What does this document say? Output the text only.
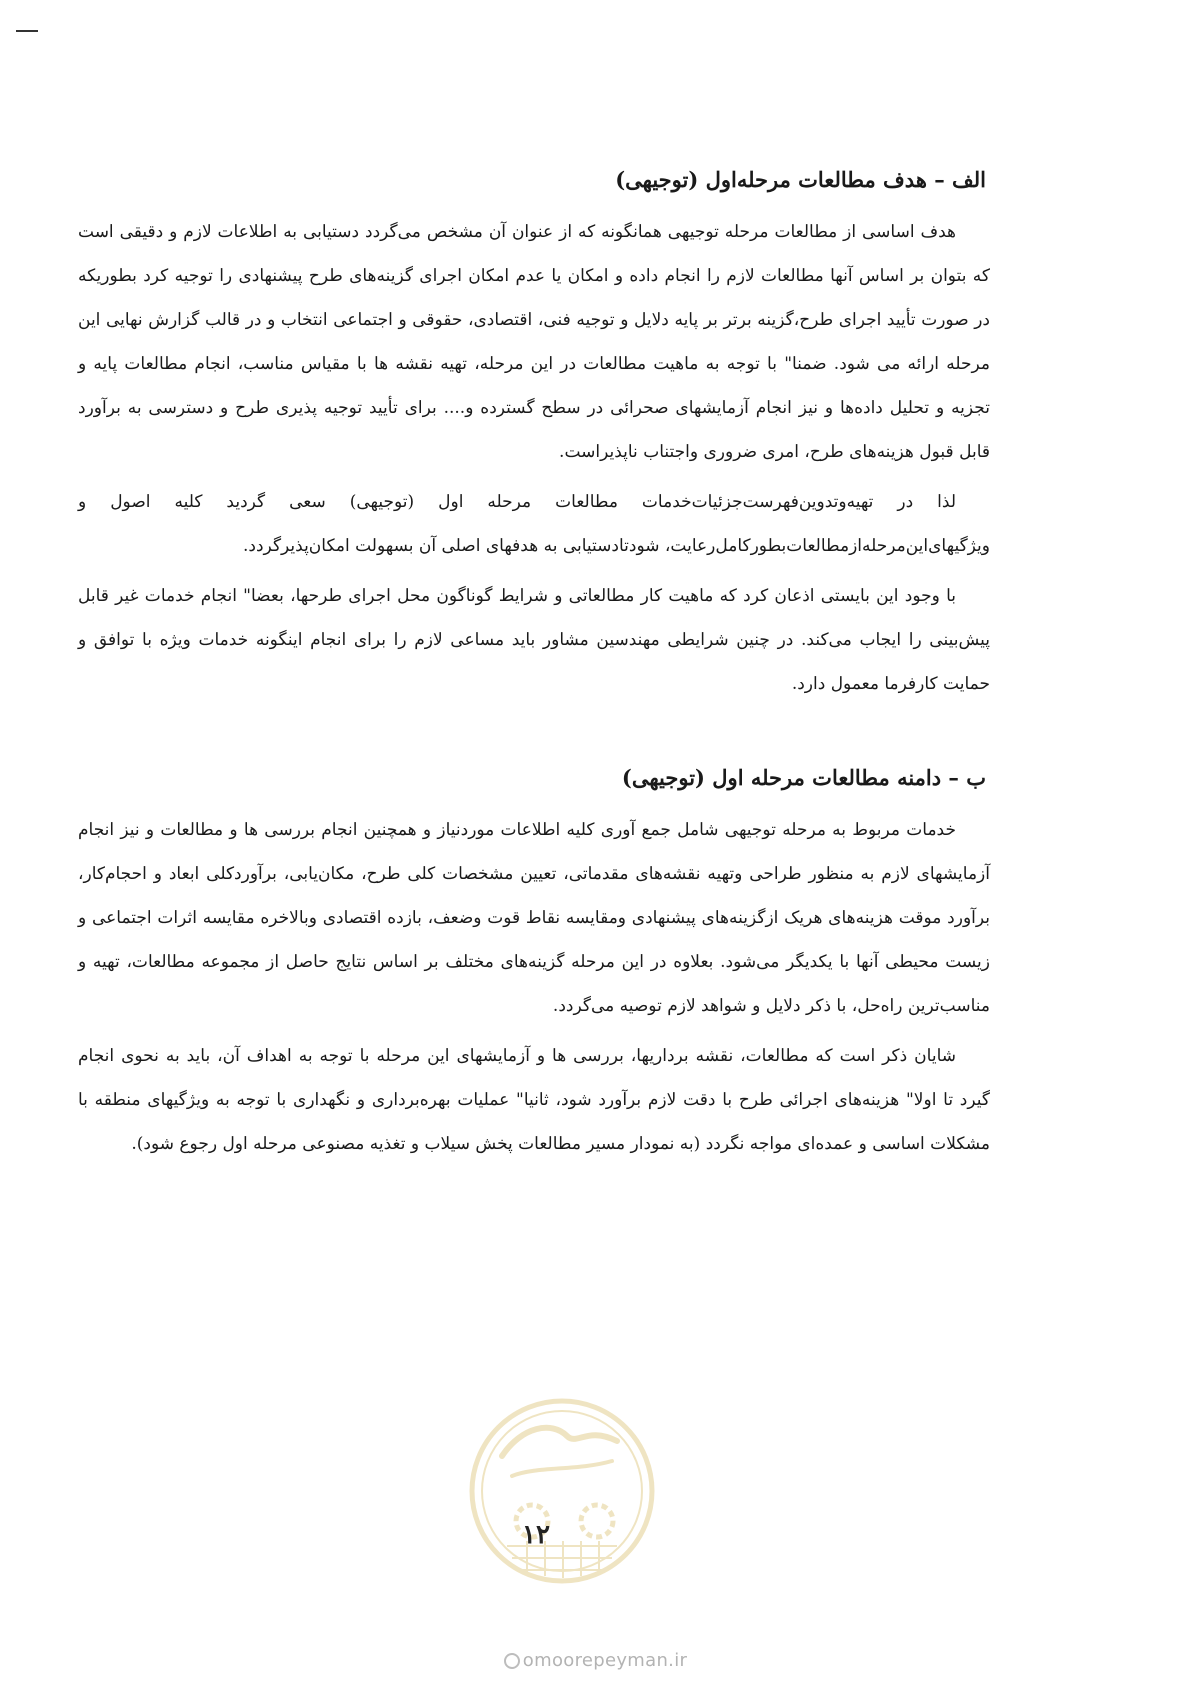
الف – هدف مطالعات مرحله‌اول (توجیهی)

هدف اساسی از مطالعات مرحله توجیهی همانگونه که از عنوان آن مشخص می‌گردد دستیابی به اطلاعات لازم و دقیقی است که بتوان بر اساس آنها مطالعات لازم را انجام داده و امکان یا عدم امکان اجرای گزینه‌های طرح پیشنهادی را توجیه کرد بطوریکه در صورت تأیید اجرای طرح،گزینه برتر بر پایه دلایل و توجیه فنی، اقتصادی، حقوقی و اجتماعی انتخاب و در قالب گزارش نهایی این مرحله ارائه می شود. ضمنا" با توجه به ماهیت مطالعات در این مرحله، تهیه نقشه ها با مقیاس مناسب، انجام مطالعات پایه و تجزیه و تحلیل داده‌ها و نیز انجام آزمایشهای صحرائی در سطح گسترده و.... برای تأیید توجیه پذیری طرح و دسترسی به برآورد قابل قبول هزینه‌های طرح، امری ضروری واجتناب ناپذیراست.

لذا در تهیه‌وتدوین‌فهرست‌جزئیات‌خدمات مطالعات مرحله اول (توجیهی) سعی گردید کلیه اصول و ویژگیهای‌این‌مرحله‌ازمطالعات‌بطورکامل‌رعایت، شودتادستیابی به هدفهای اصلی آن بسهولت امکان‌پذیرگردد.

با وجود این بایستی اذعان کرد که ماهیت کار مطالعاتی و شرایط گوناگون محل اجرای طرحها، بعضا" انجام خدمات غیر قابل پیش‌بینی را ایجاب می‌کند. در چنین شرایطی مهندسین مشاور باید مساعی لازم را برای انجام اینگونه خدمات ویژه با توافق و حمایت کارفرما معمول دارد.

ب – دامنه مطالعات مرحله اول (توجیهی)

خدمات مربوط به مرحله توجیهی شامل جمع آوری کلیه اطلاعات موردنیاز و همچنین انجام بررسی ها و مطالعات و نیز انجام آزمایشهای لازم به منظور طراحی وتهیه نقشه‌های مقدماتی، تعیین مشخصات کلی طرح، مکان‌یابی، برآوردکلی ابعاد و احجام‌کار، برآورد موقت هزینه‌های هریک ازگزینه‌های پیشنهادی ومقایسه نقاط قوت وضعف، بازده اقتصادی وبالاخره مقایسه اثرات اجتماعی و زیست محیطی آنها با یکدیگر می‌شود. بعلاوه در این مرحله گزینه‌های مختلف بر اساس نتایج حاصل از مجموعه مطالعات، تهیه و مناسب‌ترین راه‌حل، با ذکر دلایل و شواهد لازم توصیه می‌گردد.

شایان ذکر است که مطالعات، نقشه برداریها، بررسی ها و آزمایشهای این مرحله با توجه به اهداف آن، باید به نحوی انجام گیرد تا اولا" هزینه‌های اجرائی طرح با دقت لازم برآورد شود، ثانیا" عملیات بهره‌برداری و نگهداری با توجه به ویژگیهای منطقه با مشکلات اساسی و عمده‌ای مواجه نگردد (به نمودار مسیر مطالعات پخش سیلاب و تغذیه مصنوعی مرحله اول رجوع شود).

۱۲
omoorepeyman.ir
